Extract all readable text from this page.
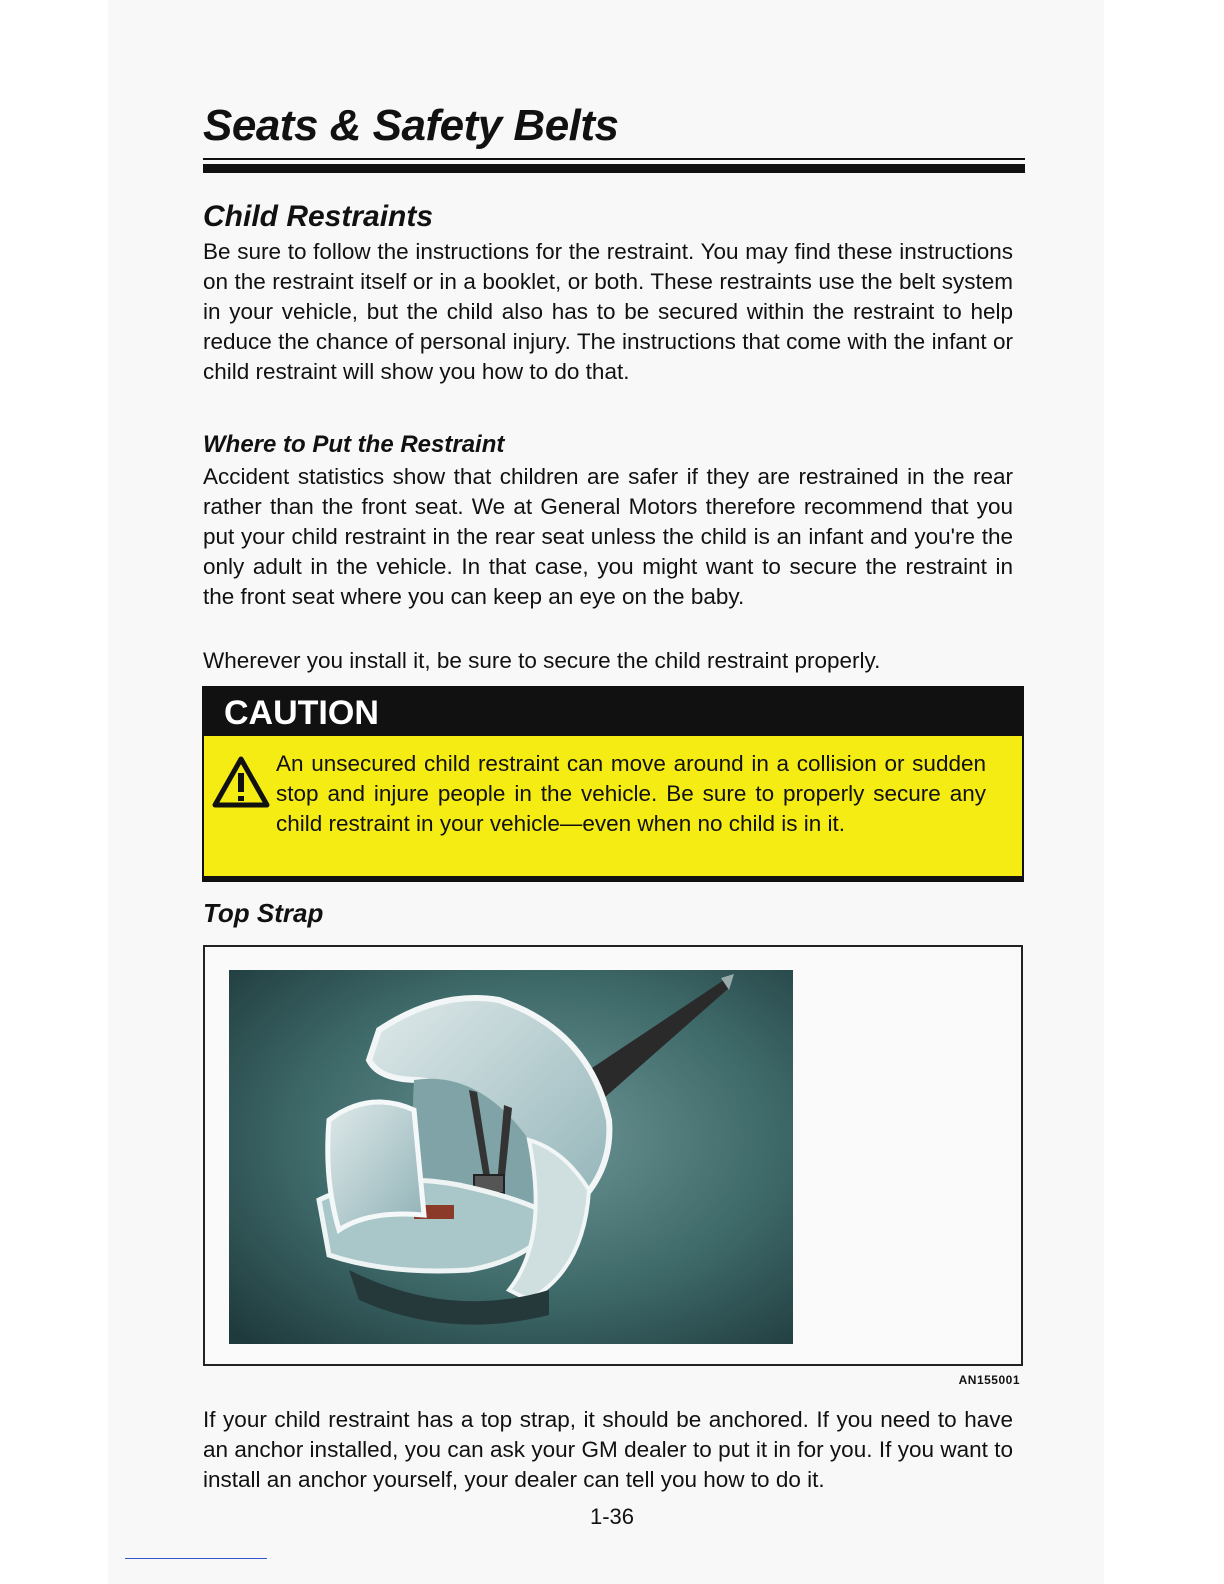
Seats & Safety Belts
Child Restraints

Be sure to follow the instructions for the restraint. You may find these instructions on the restraint itself or in a booklet, or both. These restraints use the belt system in your vehicle, but the child also has to be secured within the restraint to help reduce the chance of personal injury. The instructions that come with the infant or child restraint will show you how to do that.

Where to Put the Restraint

Accident statistics show that children are safer if they are restrained in the rear rather than the front seat. We at General Motors therefore recommend that you put your child restraint in the rear seat unless the child is an infant and you're the only adult in the vehicle. In that case, you might want to secure the restraint in the front seat where you can keep an eye on the baby.

Wherever you install it, be sure to secure the child restraint properly.

CAUTION

An unsecured child restraint can move around in a collision or sudden stop and injure people in the vehicle. Be sure to properly secure any child restraint in your vehicle—even when no child is in it.

Top Strap
AN155001

If your child restraint has a top strap, it should be anchored. If you need to have an anchor installed, you can ask your GM dealer to put it in for you. If you want to install an anchor yourself, your dealer can tell you how to do it.

1-36
